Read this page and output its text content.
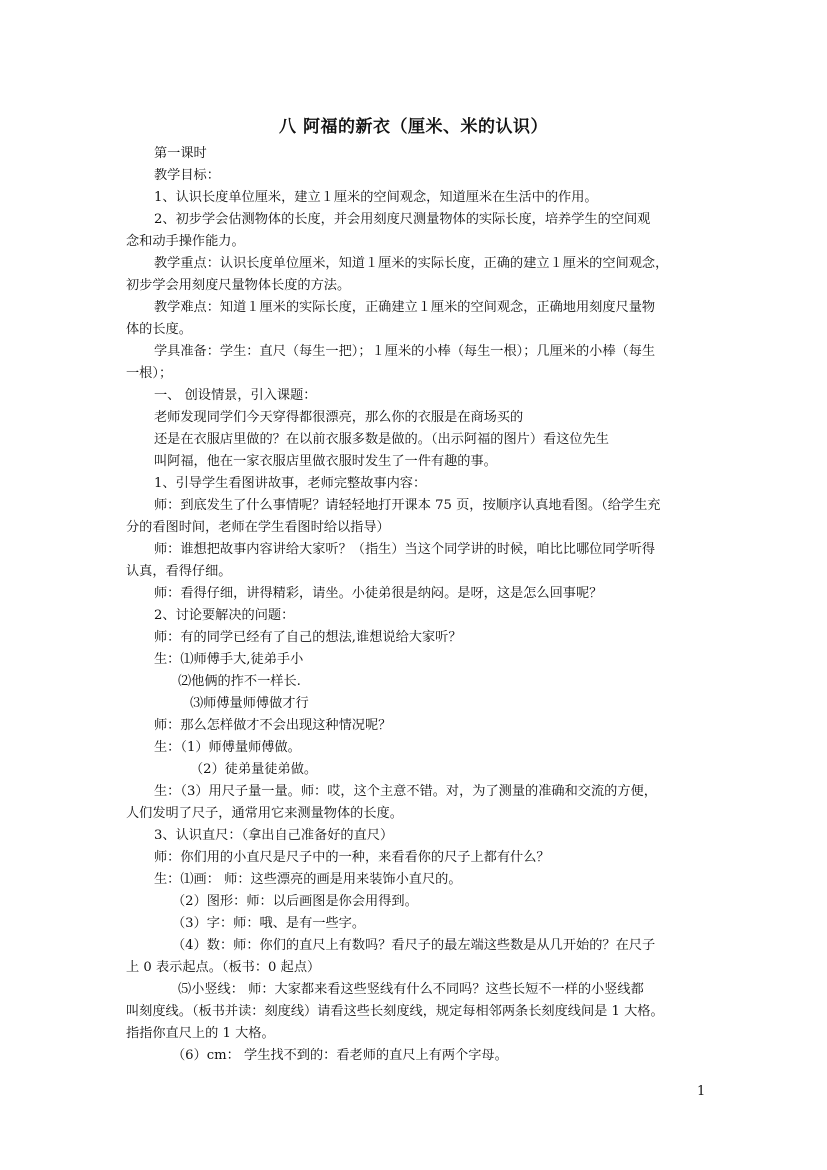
八 阿福的新衣（厘米、米的认识）
第一课时
教学目标：
1、认识长度单位厘米，建立１厘米的空间观念，知道厘米在生活中的作用。
2、初步学会估测物体的长度，并会用刻度尺测量物体的实际长度，培养学生的空间观
念和动手操作能力。
教学重点：认识长度单位厘米，知道１厘米的实际长度，正确的建立１厘米的空间观念，
初步学会用刻度尺量物体长度的方法。
教学难点：知道１厘米的实际长度，正确建立１厘米的空间观念，正确地用刻度尺量物
体的长度。
学具准备：学生：直尺（每生一把）；１厘米的小棒（每生一根）；几厘米的小棒（每生
一根）；
一、 创设情景，引入课题：
老师发现同学们今天穿得都很漂亮，那么你的衣服是在商场买的
还是在衣服店里做的？在以前衣服多数是做的。（出示阿福的图片）看这位先生
叫阿福，他在一家衣服店里做衣服时发生了一件有趣的事。
1、引导学生看图讲故事，老师完整故事内容：
师：到底发生了什么事情呢？请轻轻地打开课本 75 页，按顺序认真地看图。（给学生充
分的看图时间，老师在学生看图时给以指导）
师：谁想把故事内容讲给大家听？（指生）当这个同学讲的时候，咱比比哪位同学听得
认真，看得仔细。
师：看得仔细，讲得精彩，请坐。小徒弟很是纳闷。是呀，这是怎么回事呢？
2、讨论要解决的问题：
师：有的同学已经有了自己的想法,谁想说给大家听？
生：⑴师傅手大,徒弟手小
⑵他俩的拃不一样长.
⑶师傅量师傅做才行
师：那么怎样做才不会出现这种情况呢？
生：（1）师傅量师傅做。
（2）徒弟量徒弟做。
生：（3）用尺子量一量。师：哎，这个主意不错。对，为了测量的准确和交流的方便，
人们发明了尺子，通常用它来测量物体的长度。
3、认识直尺：（拿出自己准备好的直尺）
师：你们用的小直尺是尺子中的一种，来看看你的尺子上都有什么？
生：⑴画： 师：这些漂亮的画是用来装饰小直尺的。
（2）图形：师：以后画图是你会用得到。
（3）字：师：哦、是有一些字。
（4）数：师：你们的直尺上有数吗？看尺子的最左端这些数是从几开始的？在尺子
上 0 表示起点。（板书：0 起点）
⑸小竖线： 师：大家都来看这些竖线有什么不同吗？这些长短不一样的小竖线都
叫刻度线。（板书并读：刻度线）请看这些长刻度线，规定每相邻两条长刻度线间是 1 大格。
指指你直尺上的 1 大格。
（6）cm： 学生找不到的：看老师的直尺上有两个字母。
1
